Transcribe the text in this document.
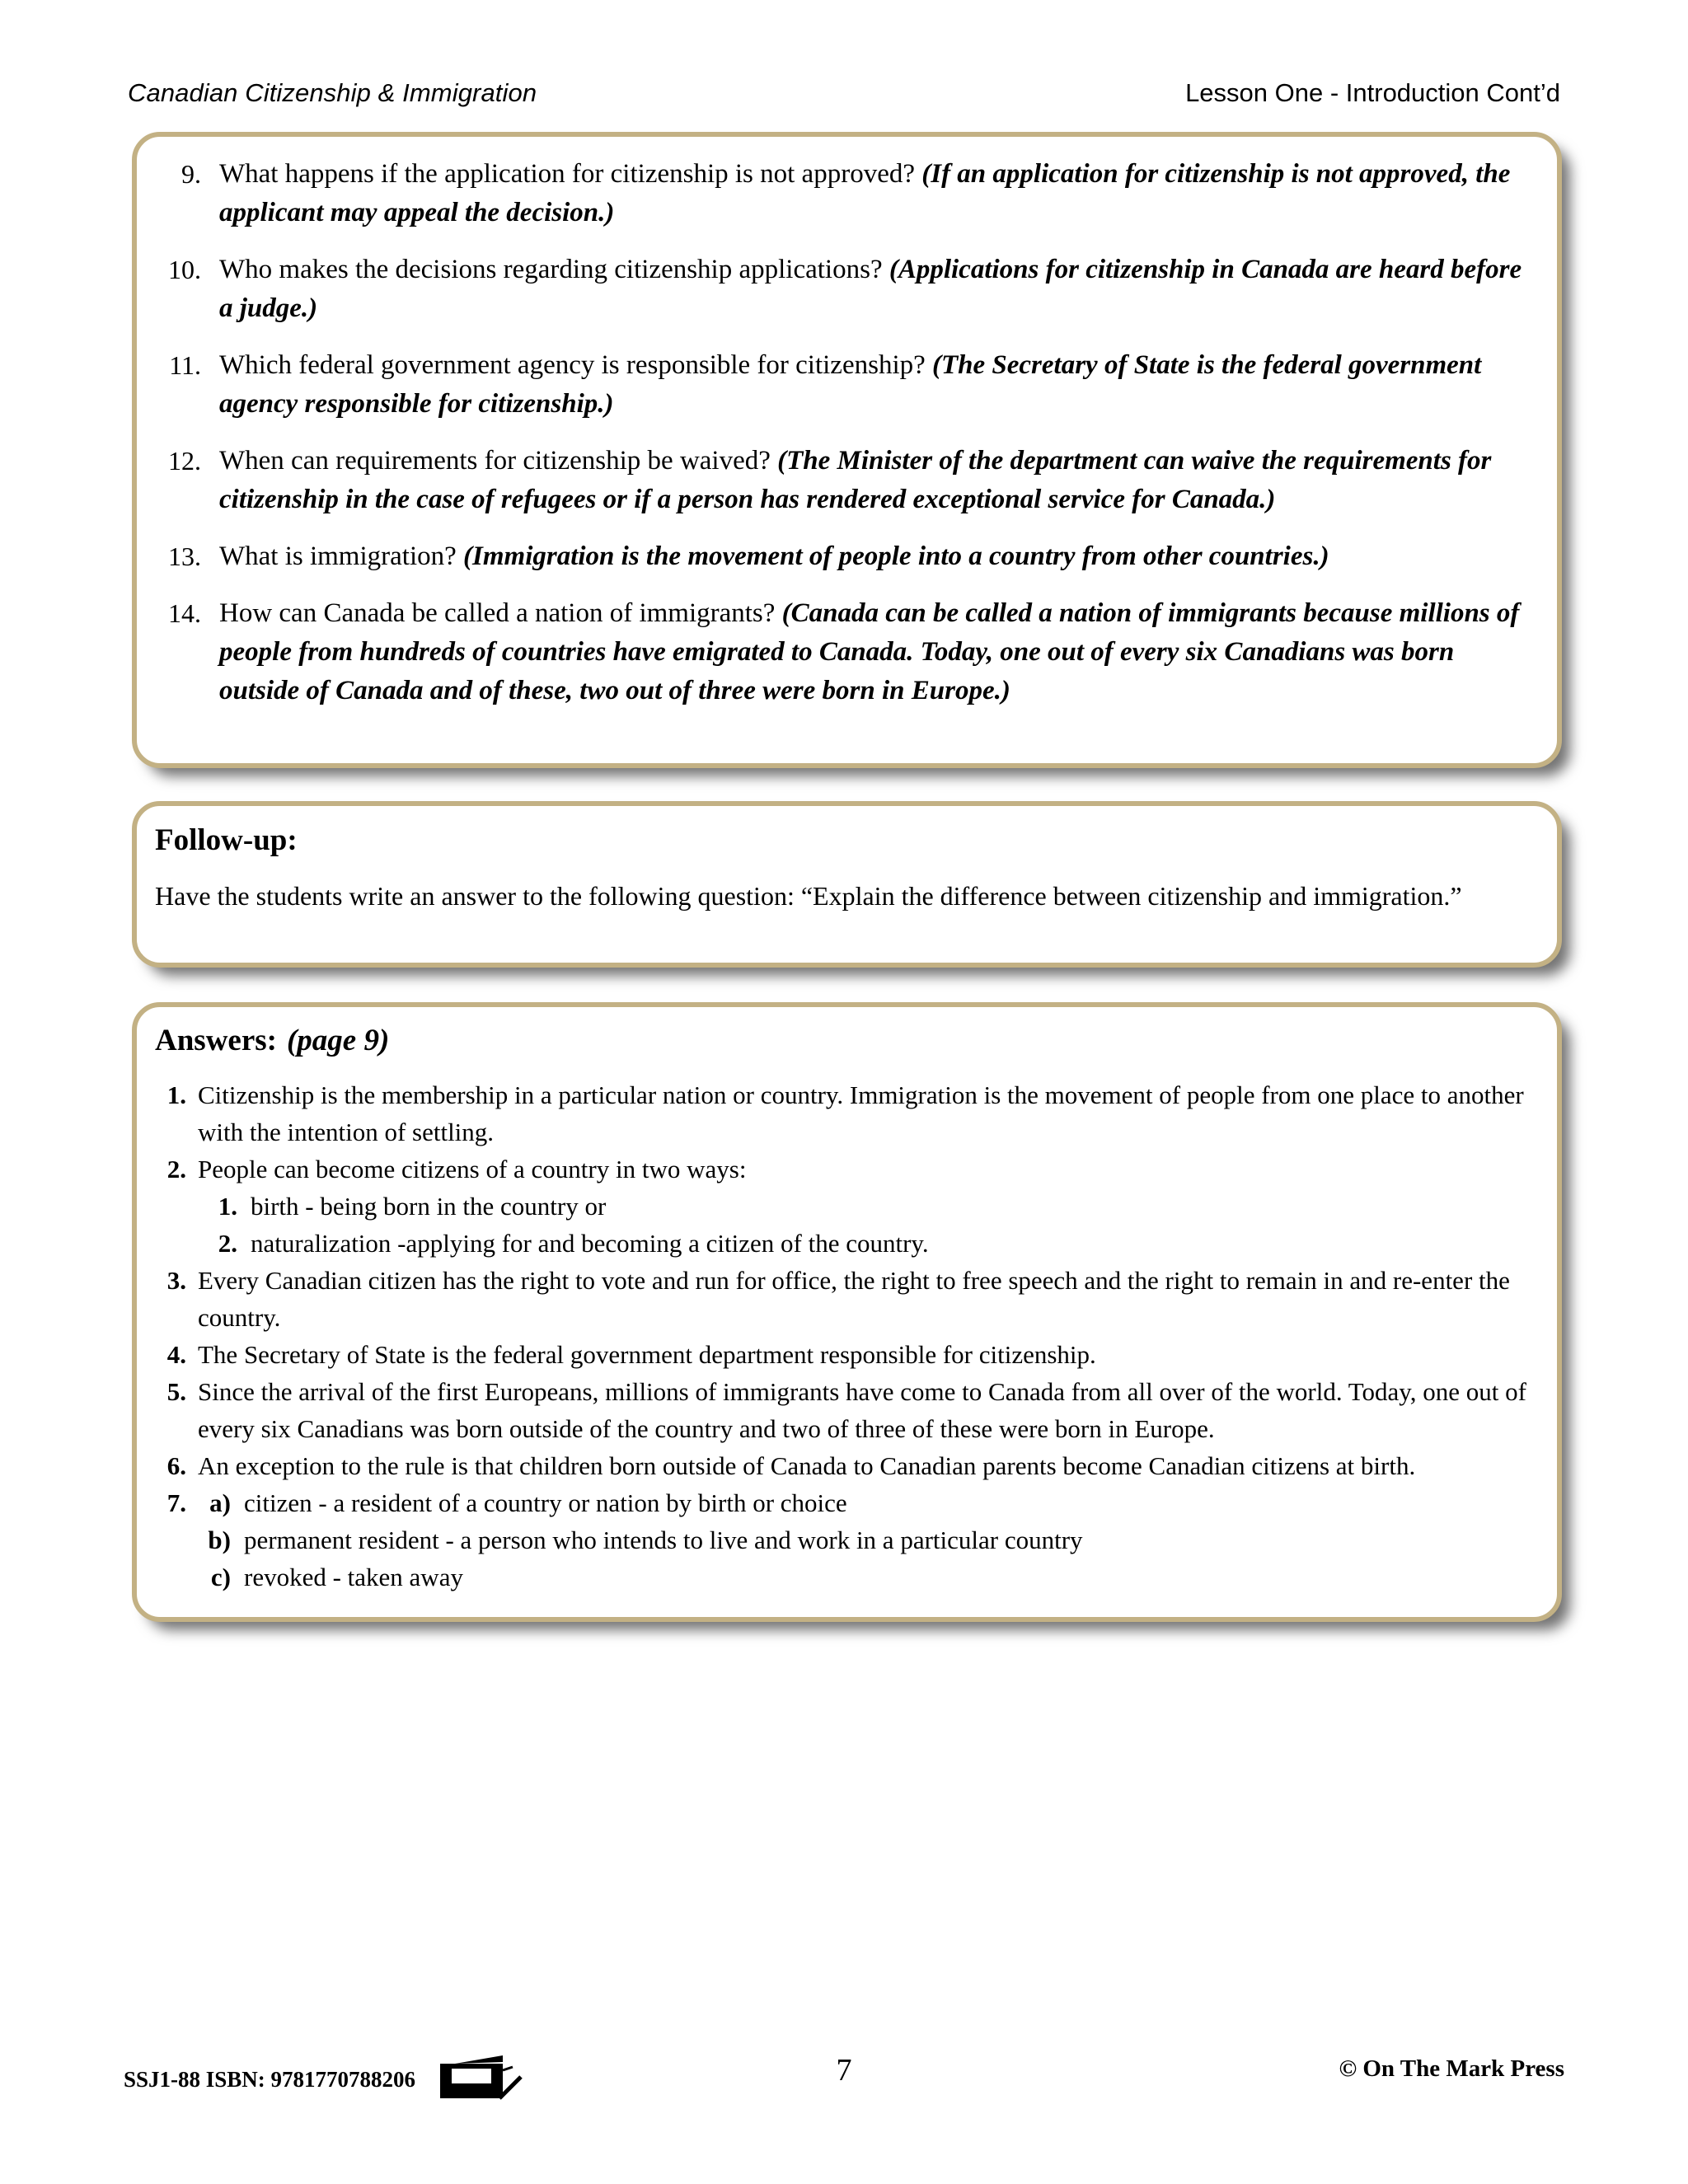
Canadian Citizenship & Immigration	Lesson One - Introduction Cont’d
9. What happens if the application for citizenship is not approved? (If an application for citizenship is not approved, the applicant may appeal the decision.)
10. Who makes the decisions regarding citizenship applications? (Applications for citizenship in Canada are heard before a judge.)
11. Which federal government agency is responsible for citizenship? (The Secretary of State is the federal government agency responsible for citizenship.)
12. When can requirements for citizenship be waived? (The Minister of the department can waive the requirements for citizenship in the case of refugees or if a person has rendered exceptional service for Canada.)
13. What is immigration? (Immigration is the movement of people into a country from other countries.)
14. How can Canada be called a nation of immigrants? (Canada can be called a nation of immigrants because millions of people from hundreds of countries have emigrated to Canada. Today, one out of every six Canadians was born outside of Canada and of these, two out of three were born in Europe.)
Follow-up:
Have the students write an answer to the following question: “Explain the difference between citizenship and immigration.”
Answers: (page 9)
1. Citizenship is the membership in a particular nation or country. Immigration is the movement of people from one place to another with the intention of settling.
2. People can become citizens of a country in two ways:
1. birth - being born in the country or
2. naturalization -applying for and becoming a citizen of the country.
3. Every Canadian citizen has the right to vote and run for office, the right to free speech and the right to remain in and re-enter the country.
4. The Secretary of State is the federal government department responsible for citizenship.
5. Since the arrival of the first Europeans, millions of immigrants have come to Canada from all over of the world. Today, one out of every six Canadians was born outside of the country and two of three of these were born in Europe.
6. An exception to the rule is that children born outside of Canada to Canadian parents become Canadian citizens at birth.
7. a) citizen - a resident of a country or nation by birth or choice
b) permanent resident - a person who intends to live and work in a particular country
c) revoked - taken away
SSJ1-88 ISBN: 9781770788206	7	© On The Mark Press
